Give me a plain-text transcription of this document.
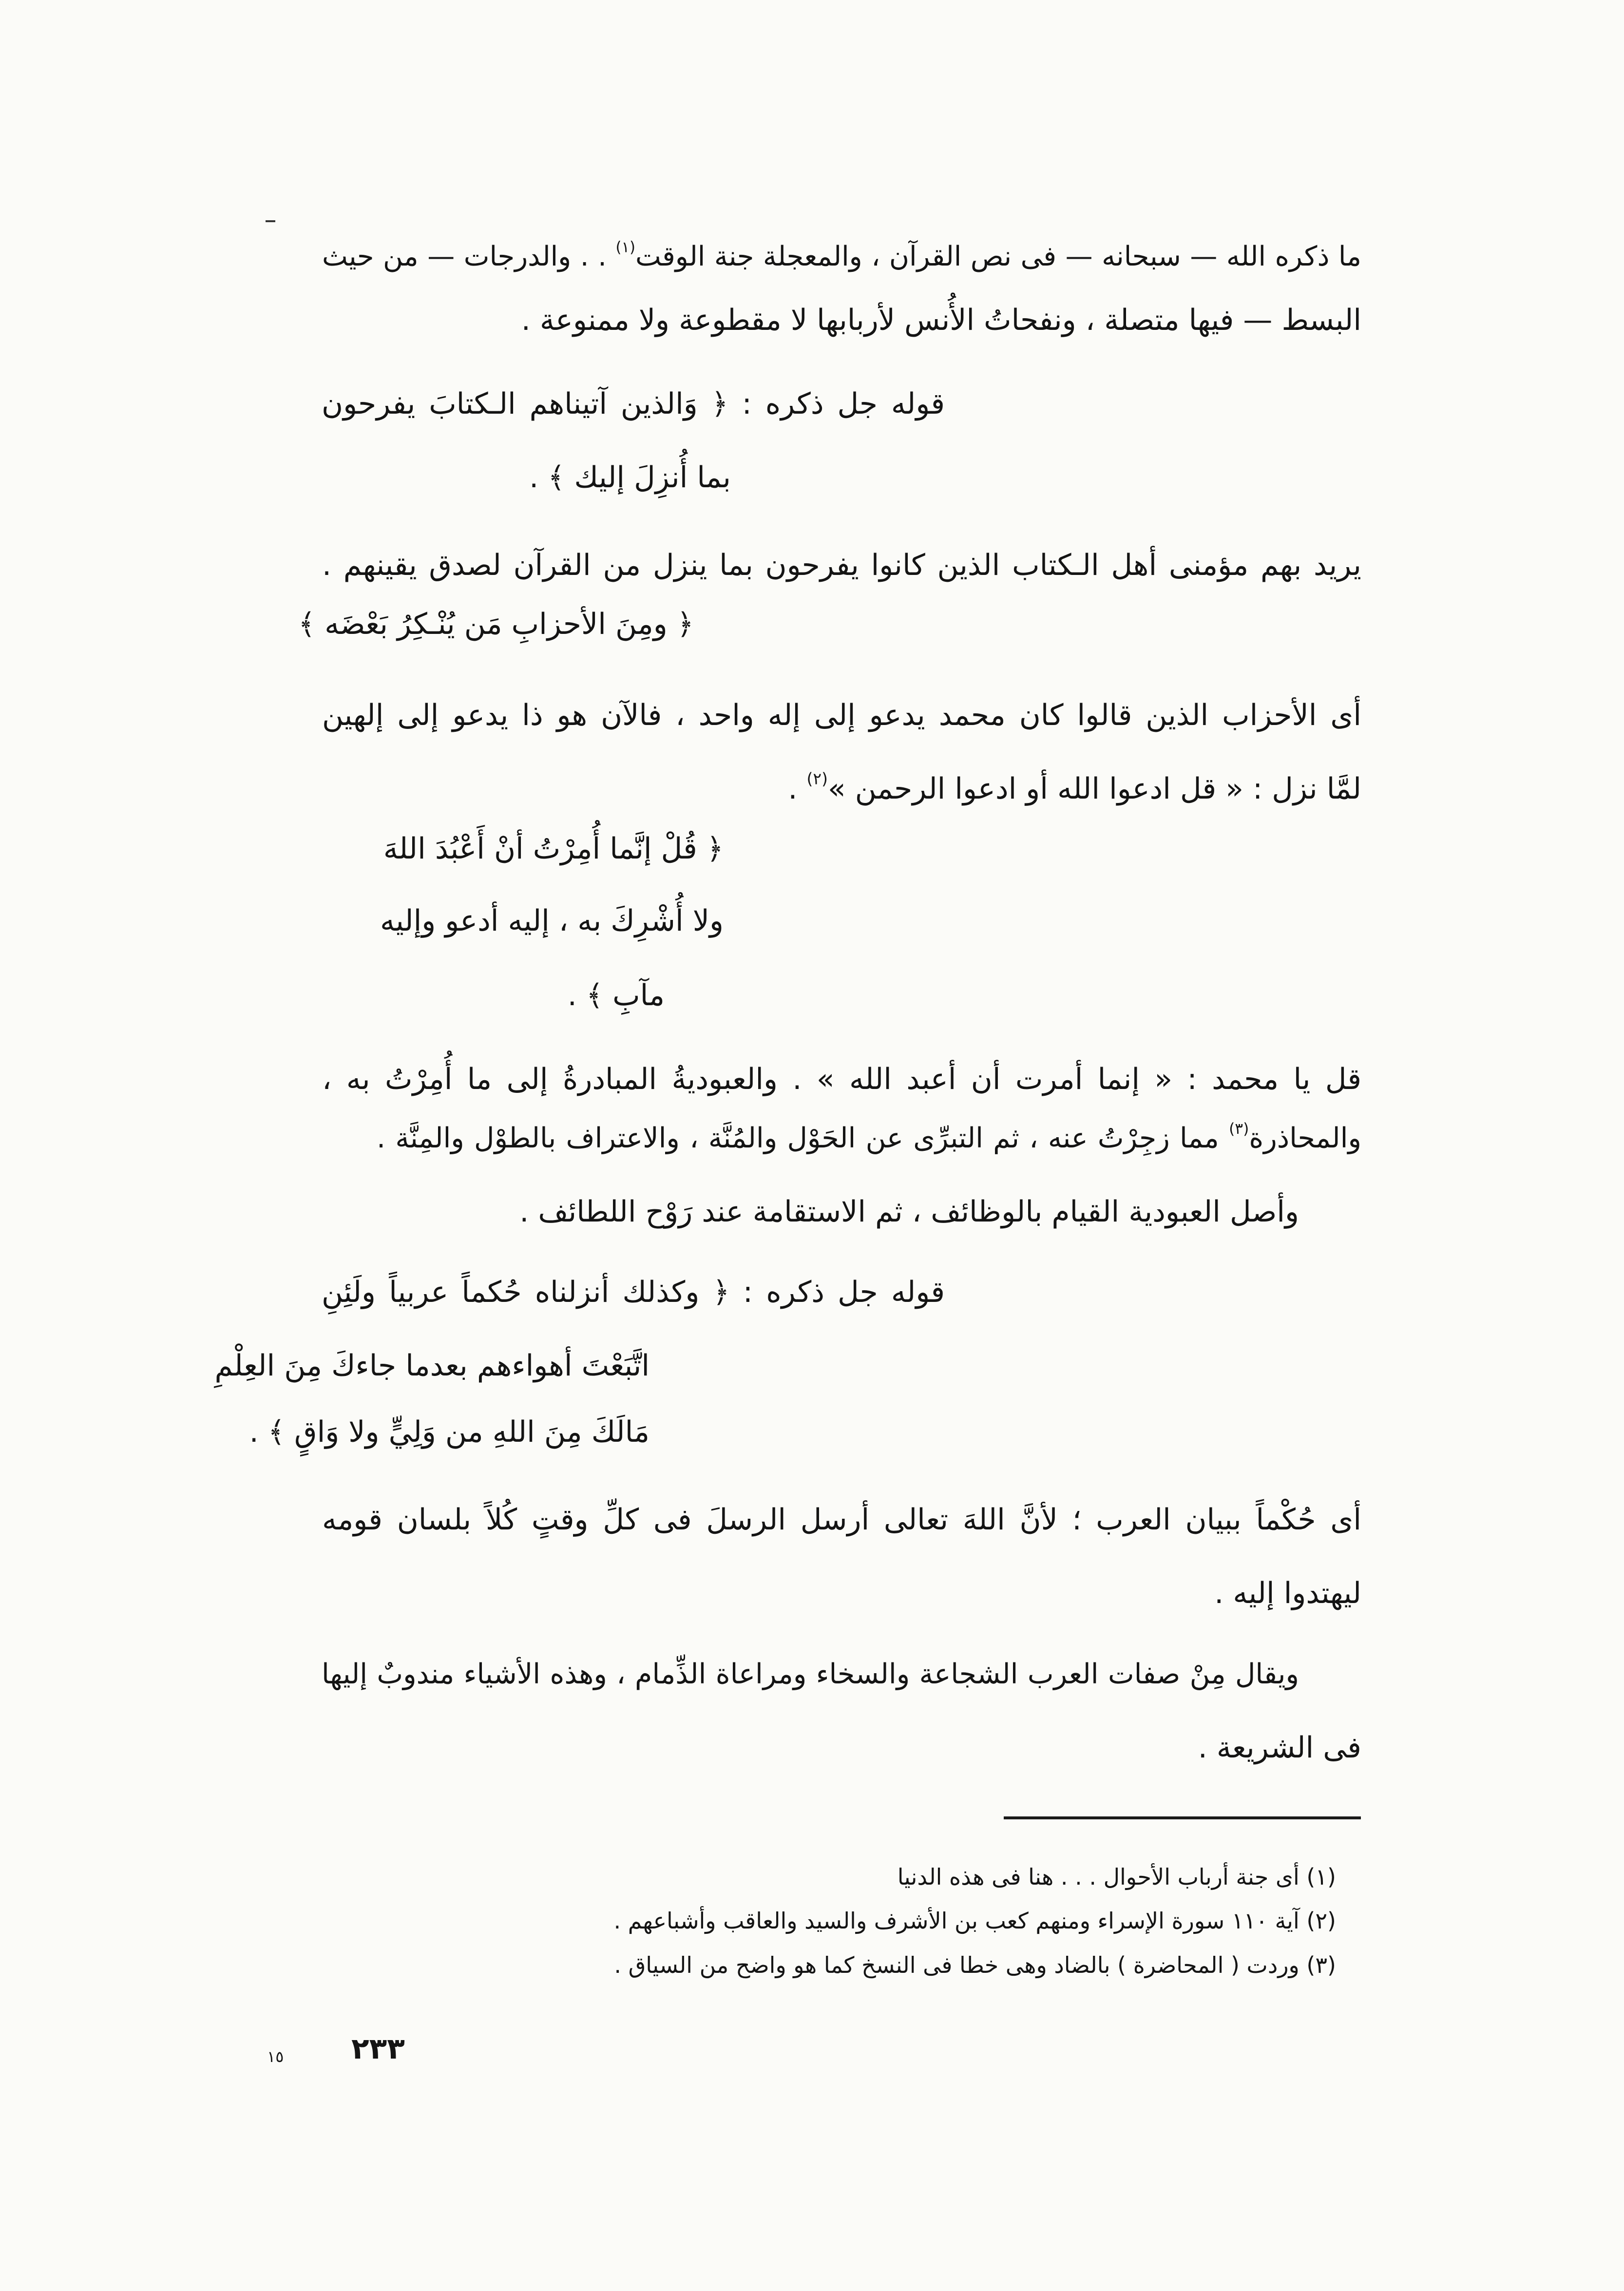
ما ذكره الله — سبحانه — فى نص القرآن ، والمعجلة جنة الوقت$^{(١)}$ . . والدرجات — من حيث
البسط — فيها متصلة ، ونفحاتُ الأُنس لأربابها لا مقطوعة ولا ممنوعة .
قوله جل ذكره : ﴿ وَالذين آتيناهم الـكتابَ يفرحون
بما أُنزِلَ إليك ﴾ .
يريد بهم مؤمنى أهل الـكتاب الذين كانوا يفرحون بما ينزل من القرآن لصدق يقينهم .
﴿ ومِنَ الأحزابِ مَن يُنْـكِرُ بَعْضَه ﴾
أى الأحزاب الذين قالوا كان محمد يدعو إلى إله واحد ، فالآن هو ذا يدعو إلى إلهين
لمَّا نزل : « قل ادعوا الله أو ادعوا الرحمن »$^{(٢)}$ .
﴿ قُلْ إنَّما أُمِرْتُ أنْ أَعْبُدَ اللهَ
ولا أُشْرِكَ به ، إليه أدعو وإليه
مآبِ ﴾ .
قل يا محمد : « إنما أمرت أن أعبد الله » . والعبوديةُ المبادرةُ إلى ما أُمِرْتُ به ،
والمحاذرة$^{(٣)}$ مما زجِرْتُ عنه ، ثم التبرِّى عن الحَوْل والمُنَّة ، والاعتراف بالطوْل والمِنَّة .
وأصل العبودية القيام بالوظائف ، ثم الاستقامة عند رَوْح اللطائف .
قوله جل ذكره : ﴿ وكذلك أنزلناه حُكماً عربياً ولَئِنِ
اتَّبَعْتَ أهواءهم بعدما جاءكَ مِنَ العِلْمِ
مَالَكَ مِنَ اللهِ من وَلِيٍّ ولا وَاقٍ ﴾ .
أى حُكْماً ببيان العرب ؛ لأنَّ اللهَ تعالى أرسل الرسلَ فى كلِّ وقتٍ كُلاً بلسان قومه
ليهتدوا إليه .
ويقال مِنْ صفات العرب الشجاعة والسخاء ومراعاة الذِّمام ، وهذه الأشياء مندوبٌ إليها
فى الشريعة .
(١) أى جنة أرباب الأحوال . . . هنا فى هذه الدنيا
(٢) آية ١١٠ سورة الإسراء ومنهم كعب بن الأشرف والسيد والعاقب وأشباعهم .
(٣) وردت ( المحاضرة ) بالضاد وهى خطا فى النسخ كما هو واضح من السياق .
٢٣٣
١٥
